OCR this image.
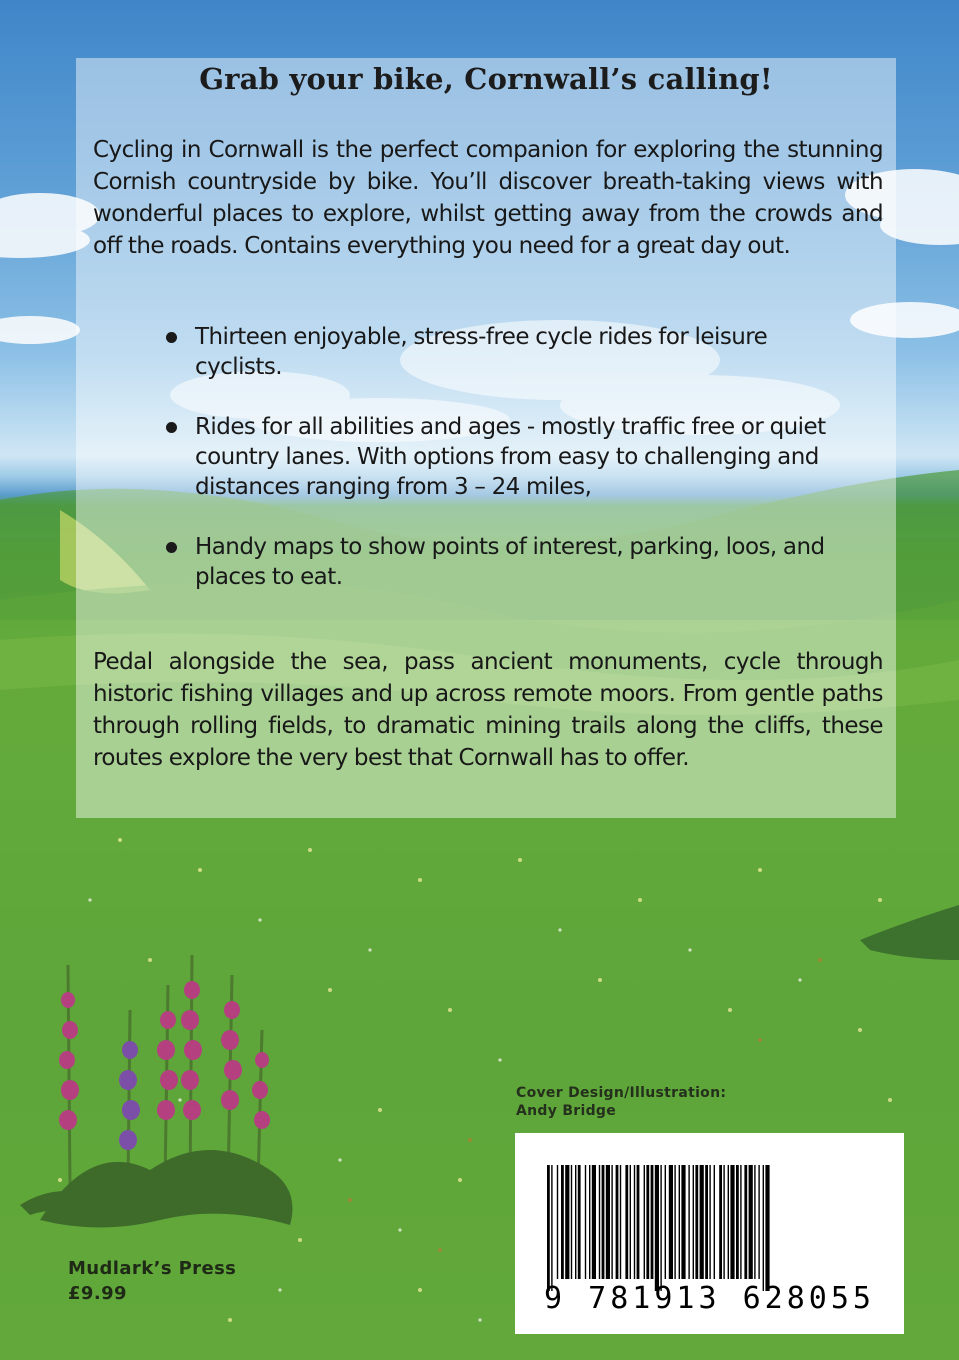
Grab your bike, Cornwall’s calling!

Cycling in Cornwall is the perfect companion for exploring the stunning Cornish countryside by bike. You’ll discover breath-taking views with wonderful places to explore, whilst getting away from the crowds and off the roads. Contains everything you need for a great day out.

Thirteen enjoyable, stress-free cycle rides for leisure cyclists.
Rides for all abilities and ages - mostly traffic free or quiet country lanes. With options from easy to challenging and distances ranging from 3 – 24 miles,
Handy maps to show points of interest, parking, loos, and places to eat.

Pedal alongside the sea, pass ancient monuments, cycle through historic fishing villages and up across remote moors. From gentle paths through rolling fields, to dramatic mining trails along the cliffs, these routes explore the very best that Cornwall has to offer.

Cover Design/Illustration:
Andy Bridge
9 781913 628055
Mudlark’s Press
£9.99
